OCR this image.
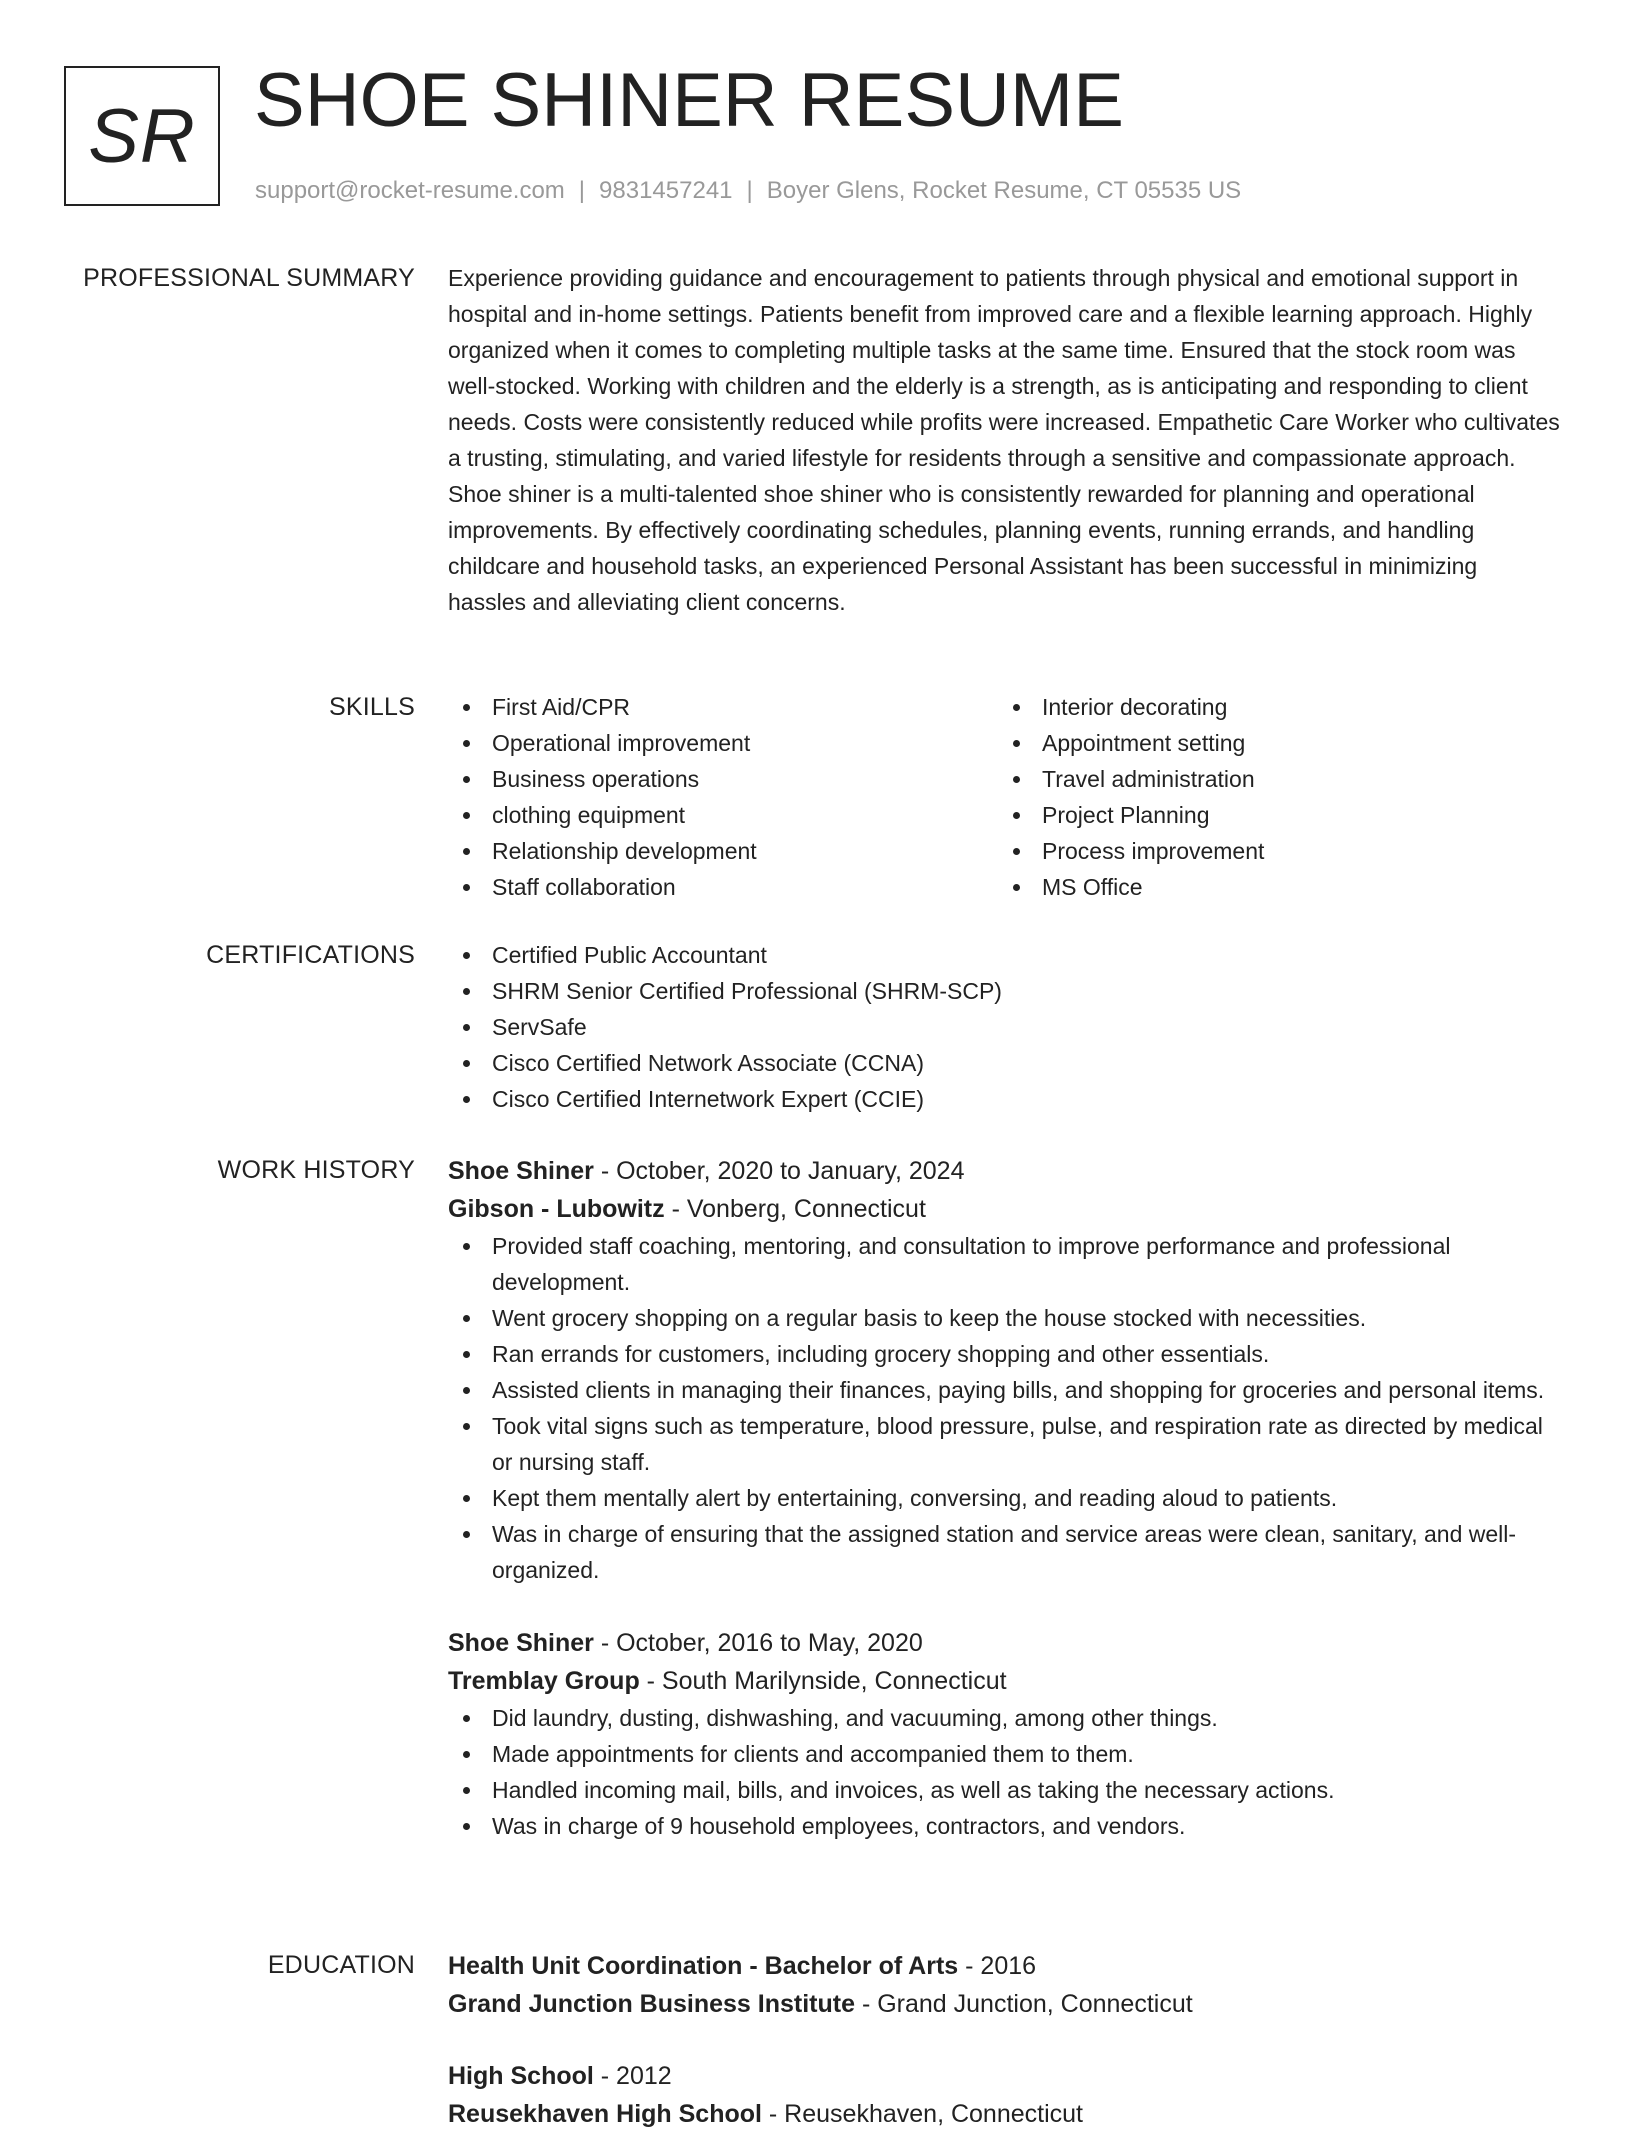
SR SHOE SHINER RESUME
support@rocket-resume.com | 9831457241 | Boyer Glens, Rocket Resume, CT 05535 US
PROFESSIONAL SUMMARY Experience providing guidance and encouragement to patients through physical and emotional support in hospital and in-home settings. Patients benefit from improved care and a flexible learning approach. Highly organized when it comes to completing multiple tasks at the same time. Ensured that the stock room was well-stocked. Working with children and the elderly is a strength, as is anticipating and responding to client needs. Costs were consistently reduced while profits were increased. Empathetic Care Worker who cultivates a trusting, stimulating, and varied lifestyle for residents through a sensitive and compassionate approach. Shoe shiner is a multi-talented shoe shiner who is consistently rewarded for planning and operational improvements. By effectively coordinating schedules, planning events, running errands, and handling childcare and household tasks, an experienced Personal Assistant has been successful in minimizing hassles and alleviating client concerns.

SKILLS	First Aid/CPR
Operational improvement
Business operations
clothing equipment
Relationship development
Staff collaboration
Interior decorating
Appointment setting
Travel administration
Project Planning
Process improvement
MS Office
CERTIFICATIONS	Certified Public Accountant
SHRM Senior Certified Professional (SHRM-SCP)
ServSafe
Cisco Certified Network Associate (CCNA)
Cisco Certified Internetwork Expert (CCIE)
WORK HISTORY Shoe Shiner - October, 2020 to January, 2024
Gibson - Lubowitz - Vonberg, Connecticut
Provided staff coaching, mentoring, and consultation to improve performance and professional development.
Went grocery shopping on a regular basis to keep the house stocked with necessities.
Ran errands for customers, including grocery shopping and other essentials.
Assisted clients in managing their finances, paying bills, and shopping for groceries and personal items.
Took vital signs such as temperature, blood pressure, pulse, and respiration rate as directed by medical or nursing staff.
Kept them mentally alert by entertaining, conversing, and reading aloud to patients.
Was in charge of ensuring that the assigned station and service areas were clean, sanitary, and well-organized.
Shoe Shiner - October, 2016 to May, 2020
Tremblay Group - South Marilynside, Connecticut
Did laundry, dusting, dishwashing, and vacuuming, among other things.
Made appointments for clients and accompanied them to them.
Handled incoming mail, bills, and invoices, as well as taking the necessary actions.
Was in charge of 9 household employees, contractors, and vendors.
EDUCATION Health Unit Coordination - Bachelor of Arts - 2016
Grand Junction Business Institute - Grand Junction, Connecticut
High School - 2012
Reusekhaven High School - Reusekhaven, Connecticut
